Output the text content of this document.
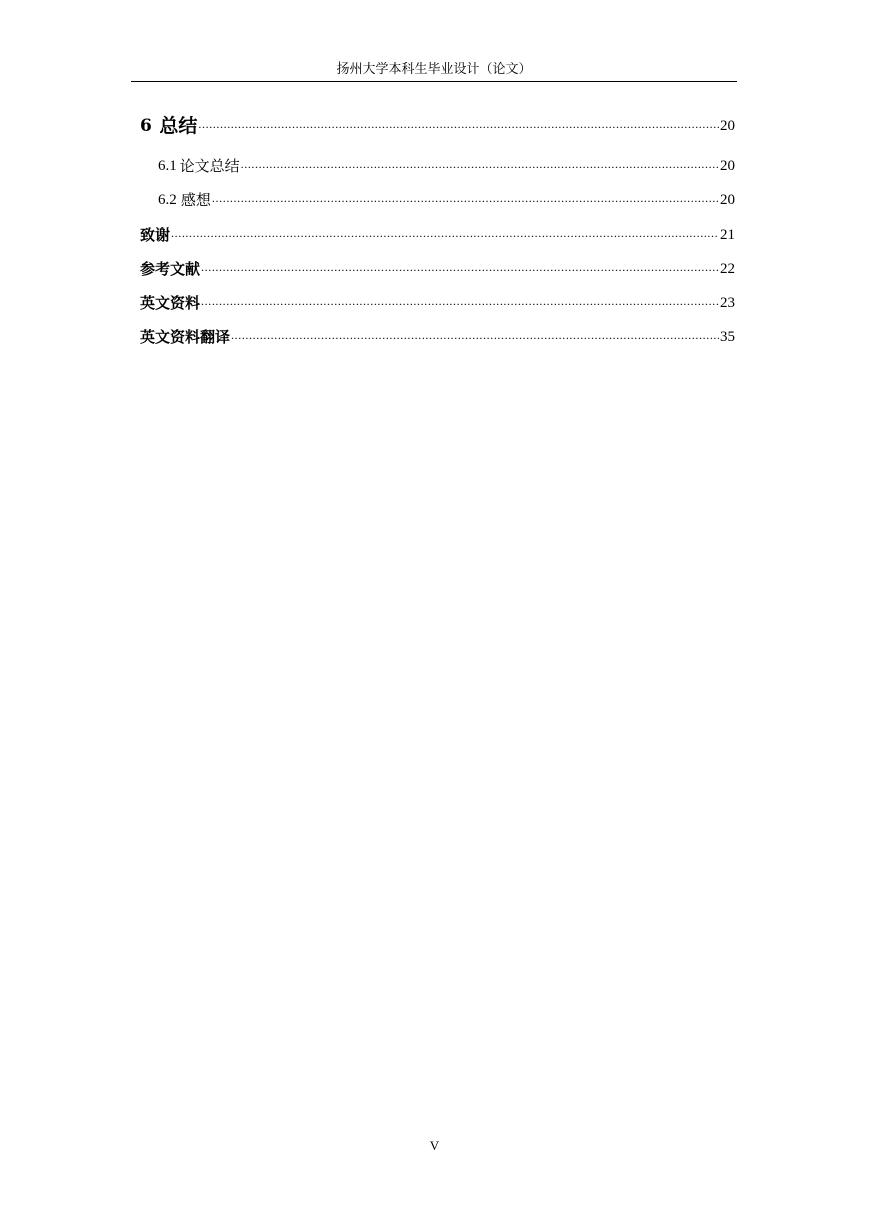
扬州大学本科生毕业设计（论文）
6 总结 .....	20
6.1 论文总结 .....	20
6.2 感想 .....	20
致谢 .....	21
参考文献 .....	22
英文资料 .....	23
英文资料翻译 .....	35
V
